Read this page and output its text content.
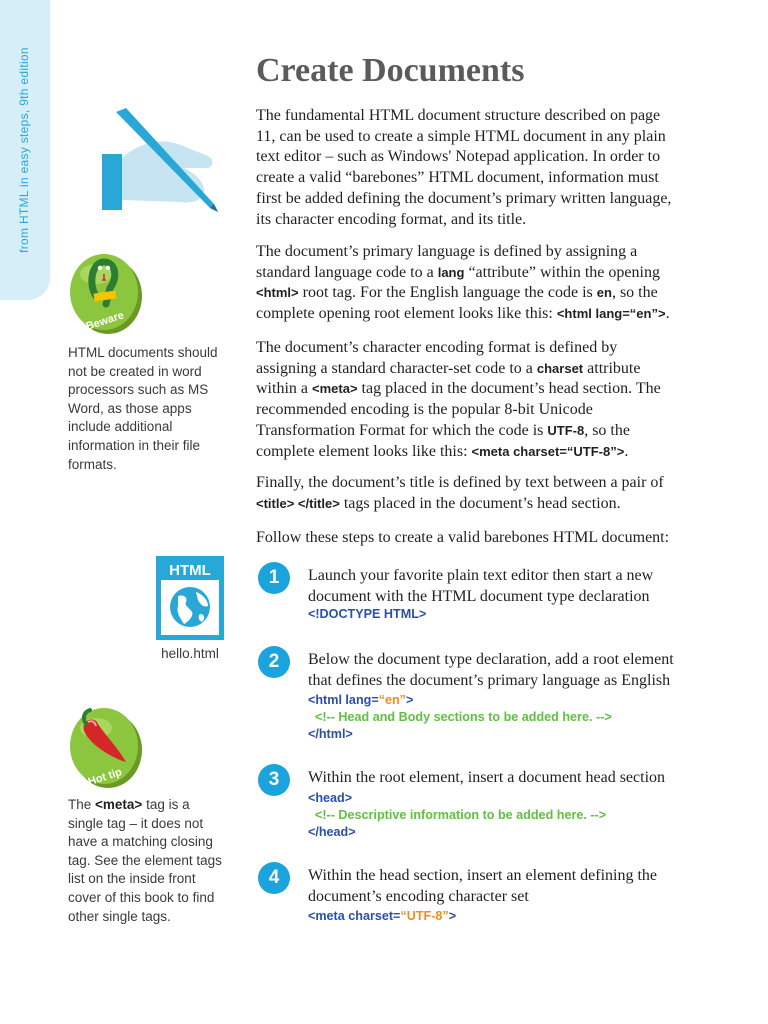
from HTML in easy steps, 9th edition	Create Documents
Beware
HTML documents should not be created in word processors such as MS Word, as those apps include additional information in their file formats.
HTML
hello.html
Hot tip
The <meta> tag is a single tag – it does not have a matching closing tag. See the element tags list on the inside front cover of this book to find other single tags.

The fundamental HTML document structure described on page 11, can be used to create a simple HTML document in any plain text editor – such as Windows' Notepad application. In order to create a valid “barebones” HTML document, information must first be added defining the document’s primary written language, its character encoding format, and its title.

The document’s primary language is defined by assigning a standard language code to a lang “attribute” within the opening <html> root tag. For the English language the code is en, so the complete opening root element looks like this: <html lang=“en”>.

The document’s character encoding format is defined by assigning a standard character-set code to a charset attribute within a <meta> tag placed in the document’s head section. The recommended encoding is the popular 8-bit Unicode Transformation Format for which the code is UTF-8, so the complete element looks like this: <meta charset=“UTF-8”>.

Finally, the document’s title is defined by text between a pair of <title> </title> tags placed in the document’s head section.

Follow these steps to create a valid barebones HTML document:

1	Launch your favorite plain text editor then start a new document with the HTML document type declaration
<!DOCTYPE HTML>
2	Below the document type declaration, add a root element that defines the document’s primary language as English
<html lang=“en”>
<!-- Head and Body sections to be added here. -->
</html>
3	Within the root element, insert a document head section
<head>
<!-- Descriptive information to be added here. -->
</head>
4	Within the head section, insert an element defining the document’s encoding character set
<meta charset=“UTF-8”>
